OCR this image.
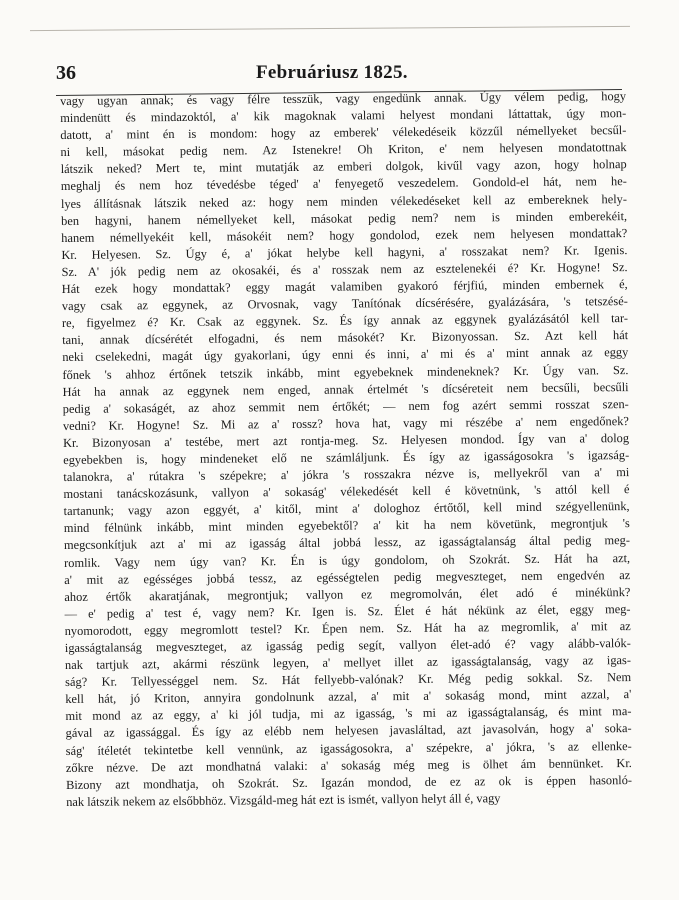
36	Februáriusz 1825.
vagy ugyan annak; és vagy félre tesszük, vagy engedünk annak. Úgy vélem pedig, hogy
mindenütt és mindazoktól, a' kik magoknak valami helyest mondani láttattak, úgy mon-
datott, a' mint én is mondom: hogy az emberek' vélekedéseik közzűl némellyeket becsűl-
ni kell, másokat pedig nem. Az Istenekre! Oh Kriton, e' nem helyesen mondatottnak
látszik neked? Mert te, mint mutatják az emberi dolgok, kivűl vagy azon, hogy holnap
meghalj és nem hoz tévedésbe téged' a' fenyegető veszedelem. Gondold-el hát, nem he-
lyes állításnak látszik neked az: hogy nem minden vélekedéseket kell az embereknek hely-
ben hagyni, hanem némellyeket kell, másokat pedig nem? nem is minden emberekéit,
hanem némellyekéit kell, másokéit nem? hogy gondolod, ezek nem helyesen mondattak?
Kr. Helyesen. Sz. Úgy é, a' jókat helybe kell hagyni, a' rosszakat nem? Kr. Igenis.
Sz. A' jók pedig nem az okosakéi, és a' rosszak nem az esztelenekéi é? Kr. Hogyne! Sz.
Hát ezek hogy mondattak? eggy magát valamiben gyakoró férjfiú, minden embernek é,
vagy csak az eggynek, az Orvosnak, vagy Tanítónak dícsérésére, gyalázására, 's tetszésé-
re, figyelmez é? Kr. Csak az eggynek. Sz. És így annak az eggynek gyalázásától kell tar-
tani, annak dícsérétét elfogadni, és nem másokét? Kr. Bizonyossan. Sz. Azt kell hát
neki cselekedni, magát úgy gyakorlani, úgy enni és inni, a' mi és a' mint annak az eggy
főnek 's ahhoz értőnek tetszik inkább, mint egyebeknek mindeneknek? Kr. Úgy van. Sz.
Hát ha annak az eggynek nem enged, annak értelmét 's dícséreteit nem becsűli, becsűli
pedig a' sokaságét, az ahoz semmit nem értőkét; — nem fog azért semmi rosszat szen-
vedni? Kr. Hogyne! Sz. Mi az a' rossz? hova hat, vagy mi részébe a' nem engedőnek?
Kr. Bizonyosan a' testébe, mert azt rontja-meg. Sz. Helyesen mondod. Így van a' dolog
egyebekben is, hogy mindeneket elő ne számláljunk. És így az igasságosokra 's igazság-
talanokra, a' rútakra 's szépekre; a' jókra 's rosszakra nézve is, mellyekről van a' mi
mostani tanácskozásunk, vallyon a' sokaság' vélekedését kell é követnünk, 's attól kell é
tartanunk; vagy azon eggyét, a' kitől, mint a' dologhoz értőtől, kell mind szégyellenünk,
mind félnünk inkább, mint minden egyebektől? a' kit ha nem követünk, megrontjuk 's
megcsonkítjuk azt a' mi az igasság által jobbá lessz, az igasságtalanság által pedig meg-
romlik. Vagy nem úgy van? Kr. Én is úgy gondolom, oh Szokrát. Sz. Hát ha azt,
a' mit az egésséges jobbá tessz, az egésségtelen pedig megveszteget, nem engedvén az
ahoz értők akaratjának, megrontjuk; vallyon ez megromolván, élet adó é minékünk?
— e' pedig a' test é, vagy nem? Kr. Igen is. Sz. Élet é hát nékünk az élet, eggy meg-
nyomorodott, eggy megromlott testel? Kr. Épen nem. Sz. Hát ha az megromlik, a' mit az
igasságtalanság megveszteget, az igasság pedig segít, vallyon élet-adó é? vagy alább-valók-
nak tartjuk azt, akármi részünk legyen, a' mellyet illet az igasságtalanság, vagy az igas-
ság? Kr. Tellyességgel nem. Sz. Hát fellyebb-valónak? Kr. Még pedig sokkal. Sz. Nem
kell hát, jó Kriton, annyira gondolnunk azzal, a' mit a' sokaság mond, mint azzal, a'
mit mond az az eggy, a' ki jól tudja, mi az igasság, 's mi az igasságtalanság, és mint ma-
gával az igassággal. És így az elébb nem helyesen javasláltad, azt javasolván, hogy a' soka-
ság' ítéletét tekintetbe kell vennünk, az igasságosokra, a' szépekre, a' jókra, 's az ellenke-
zőkre nézve. De azt mondhatná valaki: a' sokaság még meg is ölhet ám bennünket. Kr.
Bizony azt mondhatja, oh Szokrát. Sz. Igazán mondod, de ez az ok is éppen hasonló-
nak látszik nekem az elsőbbhöz. Vizsgáld-meg hát ezt is ismét, vallyon helyt áll é, vagy
